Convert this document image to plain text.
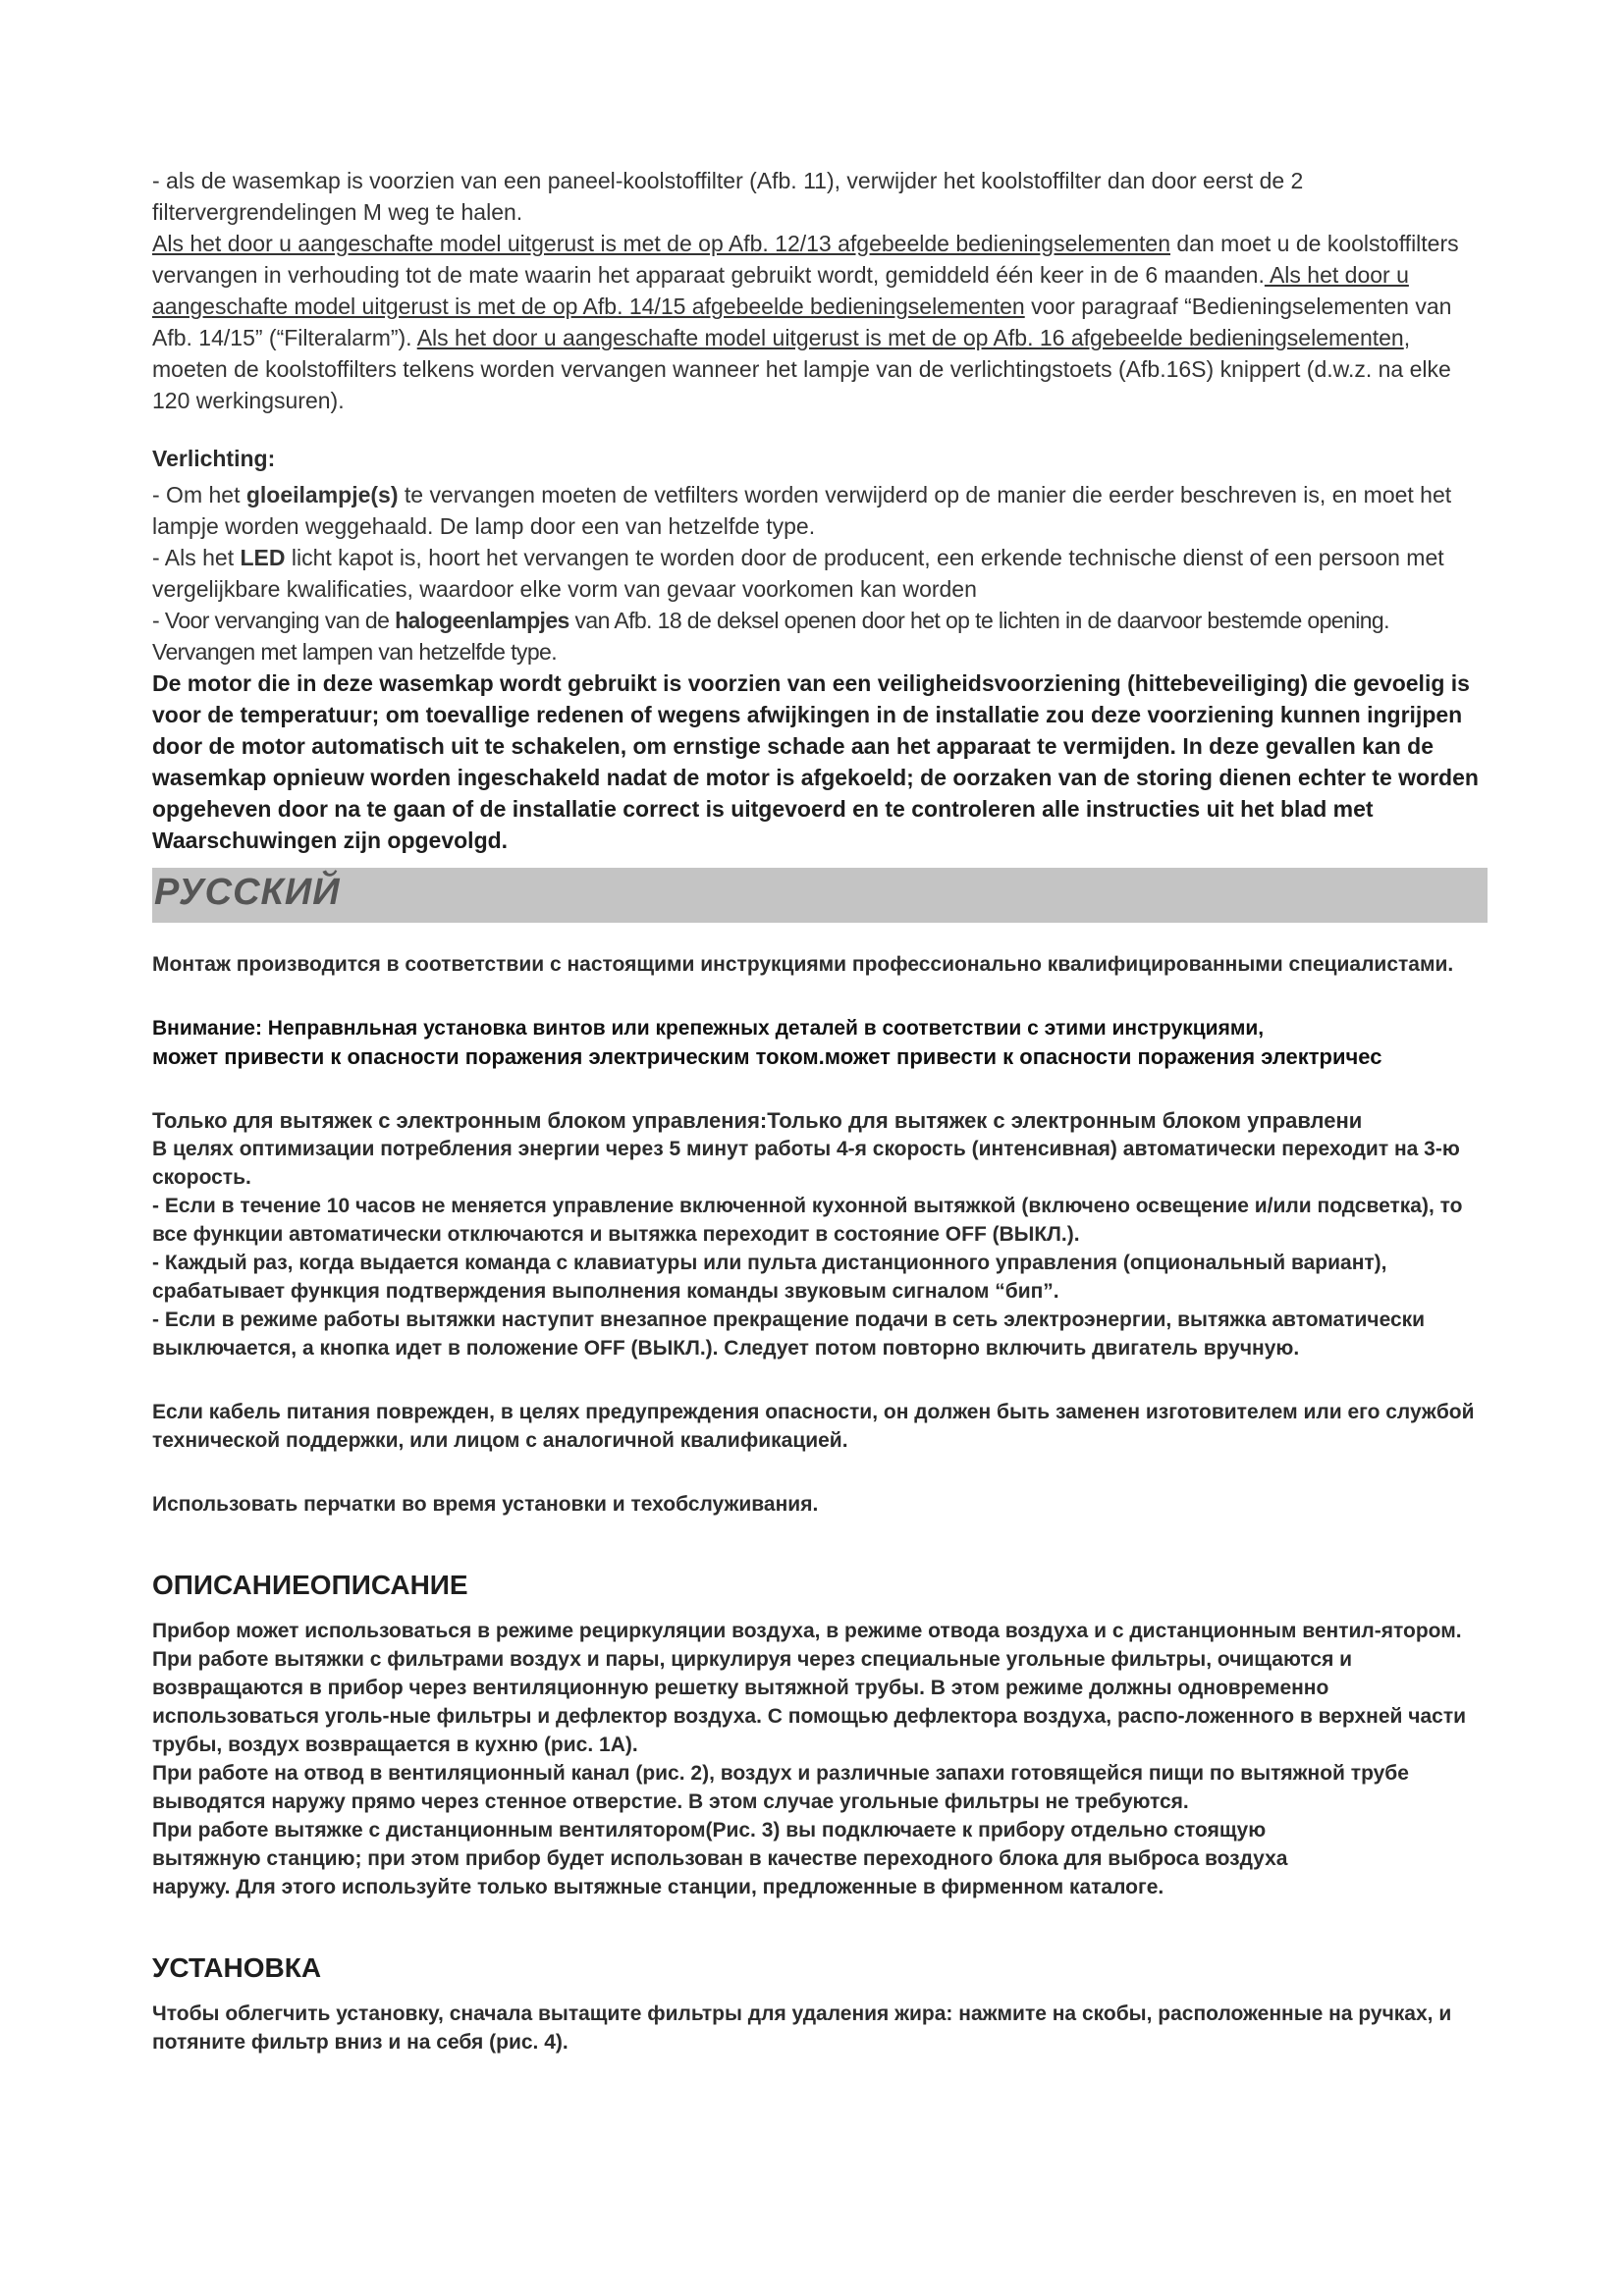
- als de wasemkap is voorzien van een paneel-koolstoffilter (Afb. 11), verwijder het koolstoffilter dan door eerst de 2 filtervergrendelingen M weg te halen.
Als het door u aangeschafte model uitgerust is met de op Afb. 12/13 afgebeelde bedieningselementen dan moet u de koolstoffilters vervangen in verhouding tot de mate waarin het apparaat gebruikt wordt, gemiddeld één keer in de 6 maanden. Als het door u aangeschafte model uitgerust is met de op Afb. 14/15 afgebeelde bedieningselementen voor paragraaf “Bedieningselementen van Afb. 14/15” (“Filteralarm”). Als het door u aangeschafte model uitgerust is met de op Afb. 16 afgebeelde bedieningselementen, moeten de koolstoffilters telkens worden vervangen wanneer het lampje van de verlichtingstoets (Afb.16S) knippert (d.w.z. na elke 120 werkingsuren).

Verlichting:

- Om het gloeilampje(s) te vervangen moeten de vetfilters worden verwijderd op de manier die eerder beschreven is, en moet het lampje worden weggehaald. De lamp door een van hetzelfde type.

- Als het LED licht kapot is, hoort het vervangen te worden door de producent, een erkende technische dienst of een persoon met vergelijkbare kwalificaties, waardoor elke vorm van gevaar voorkomen kan worden

- Voor vervanging van de halogeenlampjes van Afb. 18 de deksel openen door het op te lichten in de daarvoor bestemde opening. Vervangen met lampen van hetzelfde type.

De motor die in deze wasemkap wordt gebruikt is voorzien van een veiligheidsvoorziening (hittebeveiliging) die gevoelig is voor de temperatuur; om toevallige redenen of wegens afwijkingen in de installatie zou deze voorziening kunnen ingrijpen door de motor automatisch uit te schakelen, om ernstige schade aan het apparaat te vermijden. In deze gevallen kan de wasemkap opnieuw worden ingeschakeld nadat de motor is afgekoeld; de oorzaken van de storing dienen echter te worden opgeheven door na te gaan of de installatie correct is uitgevoerd en te controleren alle instructies uit het blad met Waarschuwingen zijn opgevolgd.

РУССКИЙ

Монтаж производится в соответствии с настоящими инструкциями профессионально квалифицированными специалистами.

Внимание: Неправнльная установка винтов или крепежных деталей в соответствии с этими инструкциями,

может привести к опасности поражения электрическим током.может привести к опасности поражения электричес

Только для вытяжек с электронным блоком управления:Только для вытяжек с электронным блоком управлени

В целях оптимизации потребления энергии через 5 минут работы 4-я скорость (интенсивная) автоматически переходит на 3-ю скорость.

- Если в течение 10 часов не меняется управление включенной кухонной вытяжкой (включено освещение и/или подсветка), то все функции автоматически отключаются и вытяжка переходит в состояние OFF (ВЫКЛ.).

- Каждый раз, когда выдается команда с клавиатуры или пульта дистанционного управления (опциональный вариант), срабатывает функция подтверждения выполнения команды звуковым сигналом “бип”.

- Если в режиме работы вытяжки наступит внезапное прекращение подачи в сеть электроэнергии, вытяжка автоматически выключается, а кнопка идет в положение OFF (ВЫКЛ.). Следует потом повторно включить двигатель вручную.

Если кабель питания поврежден, в целях предупреждения опасности, он должен быть заменен изготовителем или его службой технической поддержки, или лицом с аналогичной квалификацией.

Использовать перчатки во время установки и техобслуживания.

ОПИСАНИЕОПИСАНИЕ

Прибор может использоваться в режиме рециркуляции воздуха, в режиме отвода воздуха и с дистанционным вентил-ятором.

При работе вытяжки с фильтрами воздух и пары, циркулируя через специальные угольные фильтры, очищаются и возвращаются в прибор через вентиляционную решетку вытяжной трубы. В этом режиме должны одновременно использоваться уголь-ные фильтры и дефлектор воздуха. С помощью дефлектора воздуха, распо-ложенного в верхней части трубы, воздух возвращается в кухню (рис. 1А).

При работе на отвод в вентиляционный канал (рис. 2), воздух и различные запахи готовящейся пищи по вытяжной трубе выводятся наружу прямо через стенное отверстие. В этом случае угольные фильтры не требуются.

При работе вытяжке с дистанционным вентилятором(Рис. 3) вы подключаете к прибору отдельно стоящую

вытяжную станцию; при этом прибор будет использован в качестве переходного блока для выброса воздуха

наружу. Для этого используйте только вытяжные станции, предложенные в фирменном каталоге.

УСТАНОВКА

Чтобы облегчить установку, сначала вытащите фильтры для удаления жира: нажмите на скобы, расположенные на ручках, и потяните фильтр вниз и на себя (рис. 4).
